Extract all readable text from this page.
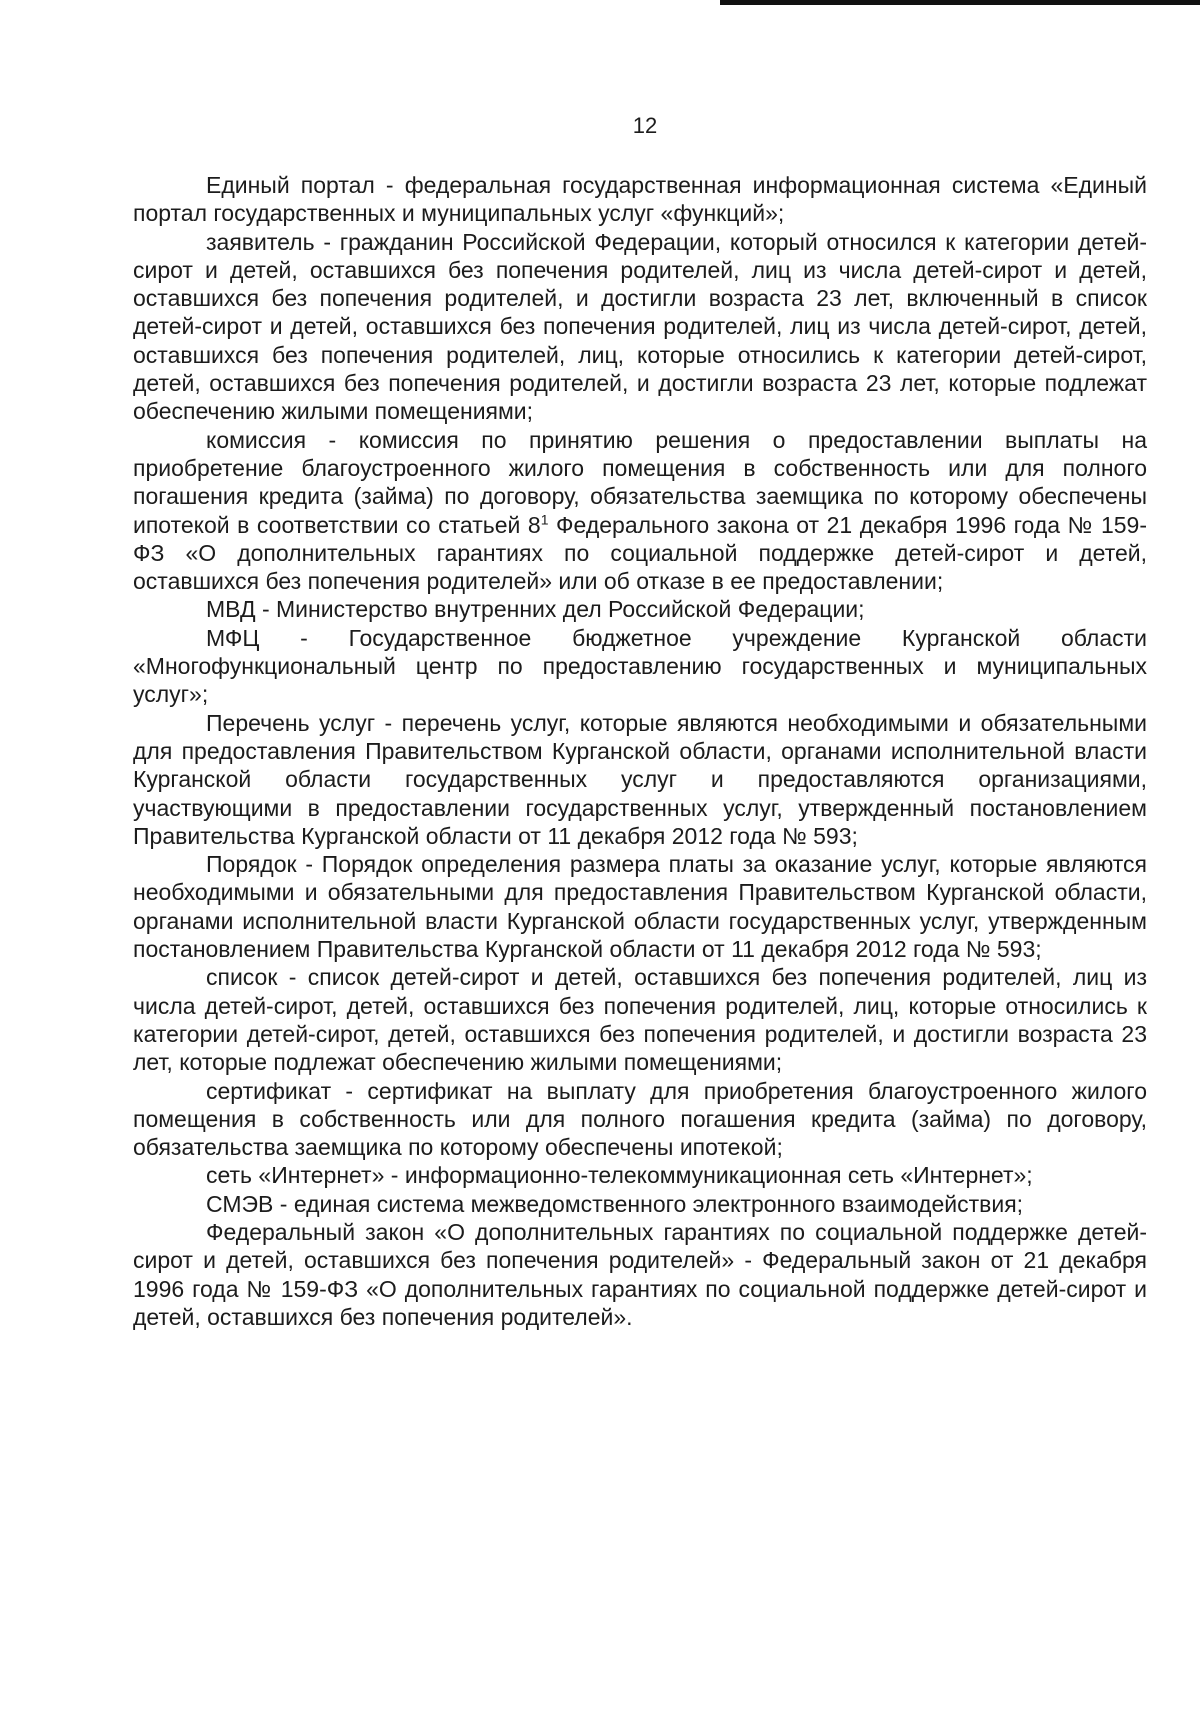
12

Единый портал - федеральная государственная информационная система «Единый портал государственных и муниципальных услуг «функций»;

заявитель - гражданин Российской Федерации, который относился к категории детей-сирот и детей, оставшихся без попечения родителей, лиц из числа детей-сирот и детей, оставшихся без попечения родителей, и достигли возраста 23 лет, включенный в список детей-сирот и детей, оставшихся без попечения родителей, лиц из числа детей-сирот, детей, оставшихся без попечения родителей, лиц, которые относились к категории детей-сирот, детей, оставшихся без попечения родителей, и достигли возраста 23 лет, которые подлежат обеспечению жилыми помещениями;

комиссия - комиссия по принятию решения о предоставлении выплаты на приобретение благоустроенного жилого помещения в собственность или для полного погашения кредита (займа) по договору, обязательства заемщика по которому обеспечены ипотекой в соответствии со статьей $8^1$ Федерального закона от 21 декабря 1996 года № 159-ФЗ «О дополнительных гарантиях по социальной поддержке детей-сирот и детей, оставшихся без попечения родителей» или об отказе в ее предоставлении;

МВД - Министерство внутренних дел Российской Федерации;

МФЦ - Государственное бюджетное учреждение Курганской области «Многофункциональный центр по предоставлению государственных и муниципальных услуг»;

Перечень услуг - перечень услуг, которые являются необходимыми и обязательными для предоставления Правительством Курганской области, органами исполнительной власти Курганской области государственных услуг и предоставляются организациями, участвующими в предоставлении государственных услуг, утвержденный постановлением Правительства Курганской области от 11 декабря 2012 года № 593;

Порядок - Порядок определения размера платы за оказание услуг, которые являются необходимыми и обязательными для предоставления Правительством Курганской области, органами исполнительной власти Курганской области государственных услуг, утвержденным постановлением Правительства Курганской области от 11 декабря 2012 года № 593;

список - список детей-сирот и детей, оставшихся без попечения родителей, лиц из числа детей-сирот, детей, оставшихся без попечения родителей, лиц, которые относились к категории детей-сирот, детей, оставшихся без попечения родителей, и достигли возраста 23 лет, которые подлежат обеспечению жилыми помещениями;

сертификат - сертификат на выплату для приобретения благоустроенного жилого помещения в собственность или для полного погашения кредита (займа) по договору, обязательства заемщика по которому обеспечены ипотекой;

сеть «Интернет» - информационно-телекоммуникационная сеть «Интернет»;

СМЭВ - единая система межведомственного электронного взаимодействия;

Федеральный закон «О дополнительных гарантиях по социальной поддержке детей-сирот и детей, оставшихся без попечения родителей» - Федеральный закон от 21 декабря 1996 года № 159-ФЗ «О дополнительных гарантиях по социальной поддержке детей-сирот и детей, оставшихся без попечения родителей».
